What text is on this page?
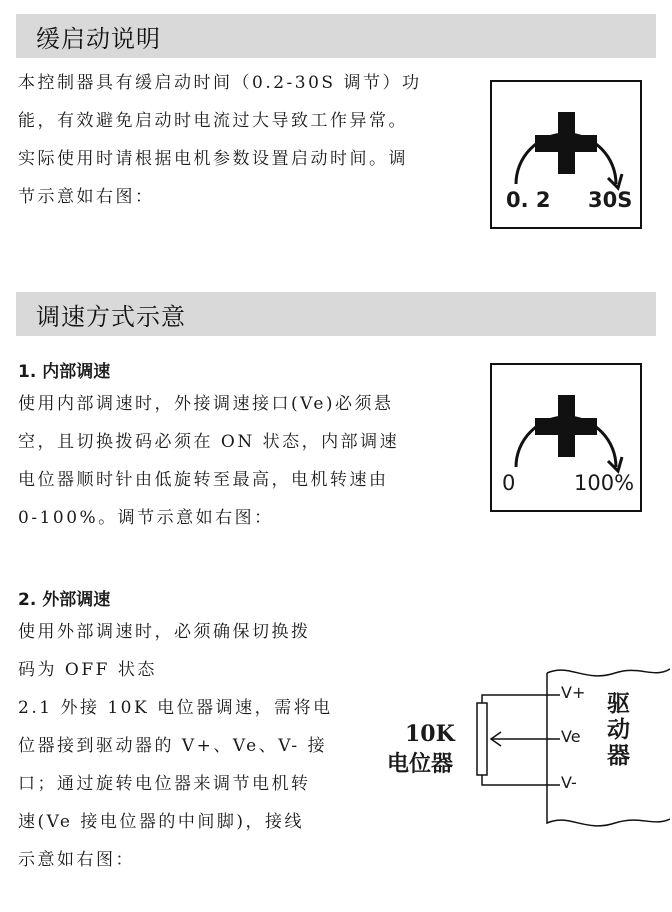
缓启动说明
本控制器具有缓启动时间（0.2-30S 调节）功
能，有效避免启动时电流过大导致工作异常。
实际使用时请根据电机参数设置启动时间。调
节示意如右图：	0. 2 30S
调速方式示意
1. 内部调速
使用内部调速时，外接调速接口(Ve)必须悬
空，且切换拨码必须在 ON 状态，内部调速
电位器顺时针由低旋转至最高，电机转速由
0-100%。调节示意如右图：
0	100%
2. 外部调速
使用外部调速时，必须确保切换拨
码为 OFF 状态
2.1 外接 10K 电位器调速，需将电
位器接到驱动器的 V+、Ve、V- 接
口；通过旋转电位器来调节电机转
速(Ve 接电位器的中间脚)，接线
示意如右图：
10K
电位器
V+
Ve
V-
驱
动
器
